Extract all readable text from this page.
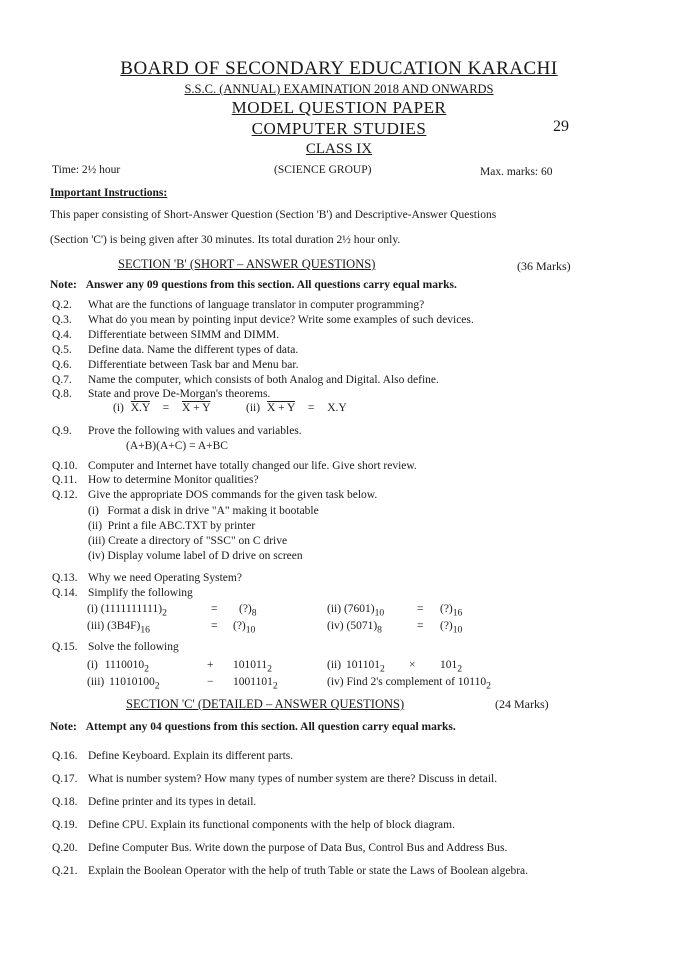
BOARD OF SECONDARY EDUCATION KARACHI
S.S.C. (ANNUAL) EXAMINATION 2018 AND ONWARDS
MODEL QUESTION PAPER
COMPUTER STUDIES
CLASS IX
29
Time: 2½ hour	(SCIENCE GROUP)	Max. marks: 60
Important Instructions:
This paper consisting of Short-Answer Question (Section 'B') and Descriptive-Answer Questions
(Section 'C') is being given after 30 minutes. Its total duration 2½ hour only.
SECTION 'B' (SHORT – ANSWER QUESTIONS)	(36 Marks)
Note: Answer any 09 questions from this section. All questions carry equal marks.
Q.2. What are the functions of language translator in computer programming?
Q.3. What do you mean by pointing input device? Write some examples of such devices.
Q.4. Differentiate between SIMM and DIMM.
Q.5. Define data. Name the different types of data.
Q.6. Differentiate between Task bar and Menu bar.
Q.7. Name the computer, which consists of both Analog and Digital. Also define.
Q.8. State and prove De-Morgan's theorems.
(i) X.Y = X + Y	(ii) X + Y = X.Y
Q.9. Prove the following with values and variables.
(A+B)(A+C) = A+BC
Q.10. Computer and Internet have totally changed our life. Give short review.
Q.11. How to determine Monitor qualities?
Q.12. Give the appropriate DOS commands for the given task below.
(i)   Format a disk in drive "A" making it bootable
(ii)  Print a file ABC.TXT by printer
(iii) Create a directory of "SSC" on C drive
(iv) Display volume label of D drive on screen
Q.13. Why we need Operating System?
Q.14. Simplify the following
(i) $(1111111111)_2$	= $(?)_8$	(ii) $(7601)_{10}$	= $(?)_{16}$
(iii) $(3B4F)_{16}$	= $(?)_{10}$	(iv) $(5071)_8$	= $(?)_{10}$
Q.15. Solve the following
(i) $1110010_2$	+ $101011_2$	(ii) $101101_2 \times 101_2$
(iii) $11010100_2$	− $1001101_2$	(iv) Find 2's complement of $10110_2$
SECTION 'C' (DETAILED – ANSWER QUESTIONS)	(24 Marks)
Note: Attempt any 04 questions from this section. All question carry equal marks.
Q.16. Define Keyboard. Explain its different parts.
Q.17. What is number system? How many types of number system are there? Discuss in detail.
Q.18. Define printer and its types in detail.
Q.19. Define CPU. Explain its functional components with the help of block diagram.
Q.20. Define Computer Bus. Write down the purpose of Data Bus, Control Bus and Address Bus.
Q.21. Explain the Boolean Operator with the help of truth Table or state the Laws of Boolean algebra.
